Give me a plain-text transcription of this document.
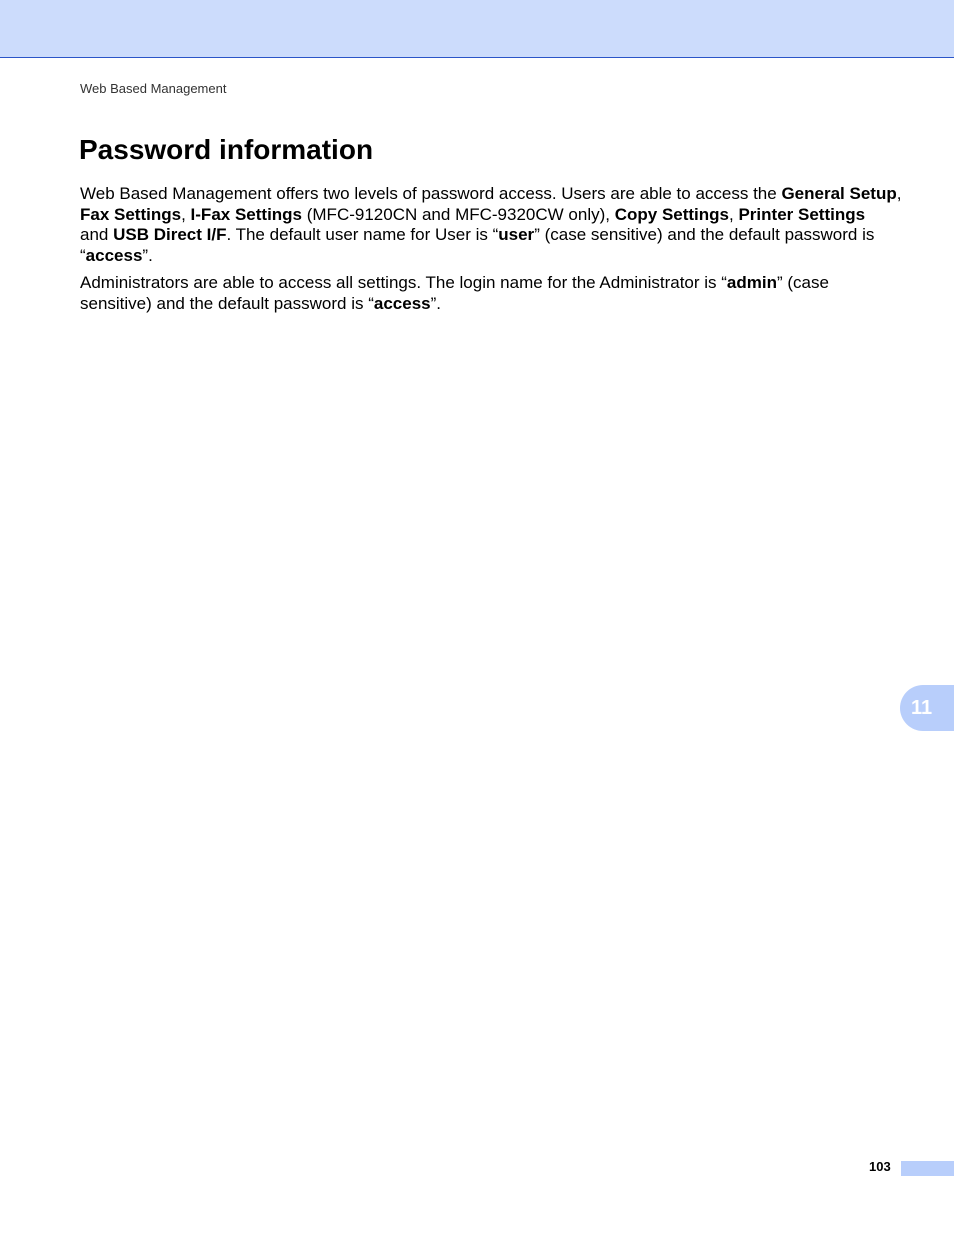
Web Based Management
Password information

Web Based Management offers two levels of password access. Users are able to access the General Setup,
Fax Settings, I-Fax Settings (MFC-9120CN and MFC-9320CW only), Copy Settings, Printer Settings
and USB Direct I/F. The default user name for User is “user” (case sensitive) and the default password is
“access”.

Administrators are able to access all settings. The login name for the Administrator is “admin” (case
sensitive) and the default password is “access”.

11
103
